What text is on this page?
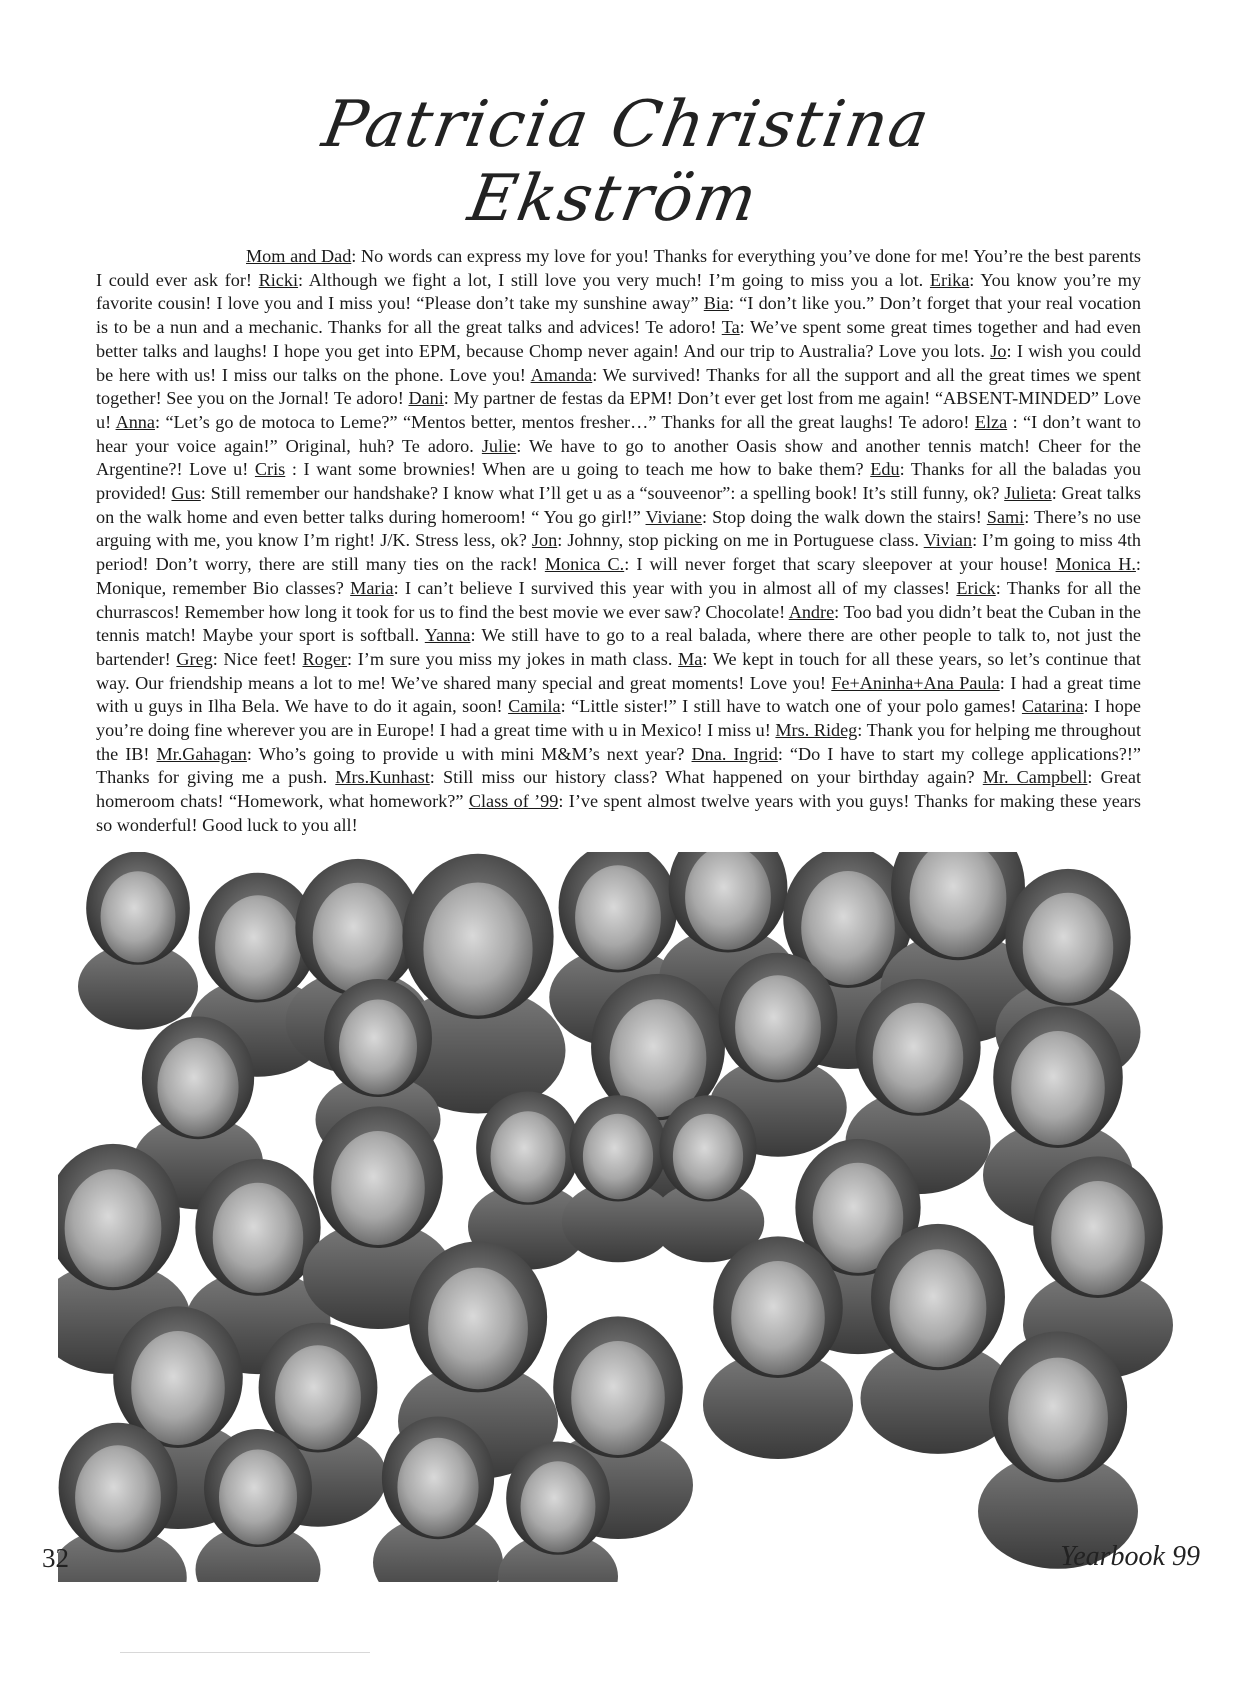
Patricia Christina Ekström
Mom and Dad: No words can express my love for you! Thanks for everything you’ve done for me! You’re the best parents I could ever ask for! Ricki: Although we fight a lot, I still love you very much! I’m going to miss you a lot. Erika: You know you’re my favorite cousin! I love you and I miss you! “Please don’t take my sunshine away” Bia: “I don’t like you.” Don’t forget that your real vocation is to be a nun and a mechanic. Thanks for all the great talks and advices! Te adoro! Ta: We’ve spent some great times together and had even better talks and laughs! I hope you get into EPM, because Chomp never again! And our trip to Australia? Love you lots. Jo: I wish you could be here with us! I miss our talks on the phone. Love you! Amanda: We survived! Thanks for all the support and all the great times we spent together! See you on the Jornal! Te adoro! Dani: My partner de festas da EPM! Don’t ever get lost from me again! “ABSENT-MINDED” Love u! Anna: “Let’s go de motoca to Leme?” “Mentos better, mentos fresher…” Thanks for all the great laughs! Te adoro! Elza : “I don’t want to hear your voice again!” Original, huh? Te adoro. Julie: We have to go to another Oasis show and another tennis match! Cheer for the Argentine?! Love u! Cris : I want some brownies! When are u going to teach me how to bake them? Edu: Thanks for all the baladas you provided! Gus: Still remember our handshake? I know what I’ll get u as a “souveenor”: a spelling book! It’s still funny, ok? Julieta: Great talks on the walk home and even better talks during homeroom! “ You go girl!” Viviane: Stop doing the walk down the stairs! Sami: There’s no use arguing with me, you know I’m right! J/K. Stress less, ok? Jon: Johnny, stop picking on me in Portuguese class. Vivian: I’m going to miss 4th period! Don’t worry, there are still many ties on the rack! Monica C.: I will never forget that scary sleepover at your house! Monica H.: Monique, remember Bio classes? Maria: I can’t believe I survived this year with you in almost all of my classes! Erick: Thanks for all the churrascos! Remember how long it took for us to find the best movie we ever saw? Chocolate! Andre: Too bad you didn’t beat the Cuban in the tennis match! Maybe your sport is softball. Yanna: We still have to go to a real balada, where there are other people to talk to, not just the bartender! Greg: Nice feet! Roger: I’m sure you miss my jokes in math class. Ma: We kept in touch for all these years, so let’s continue that way. Our friendship means a lot to me! We’ve shared many special and great moments! Love you! Fe+Aninha+Ana Paula: I had a great time with u guys in Ilha Bela. We have to do it again, soon! Camila: “Little sister!” I still have to watch one of your polo games! Catarina: I hope you’re doing fine wherever you are in Europe! I had a great time with u in Mexico! I miss u! Mrs. Rideg: Thank you for helping me throughout the IB! Mr.Gahagan: Who’s going to provide u with mini M&M’s next year? Dna. Ingrid: “Do I have to start my college applications?!” Thanks for giving me a push. Mrs.Kunhast: Still miss our history class? What happened on your birthday again? Mr. Campbell: Great homeroom chats! “Homework, what homework?” Class of ’99: I’ve spent almost twelve years with you guys! Thanks for making these years so wonderful! Good luck to you all!
32	Yearbook 99
